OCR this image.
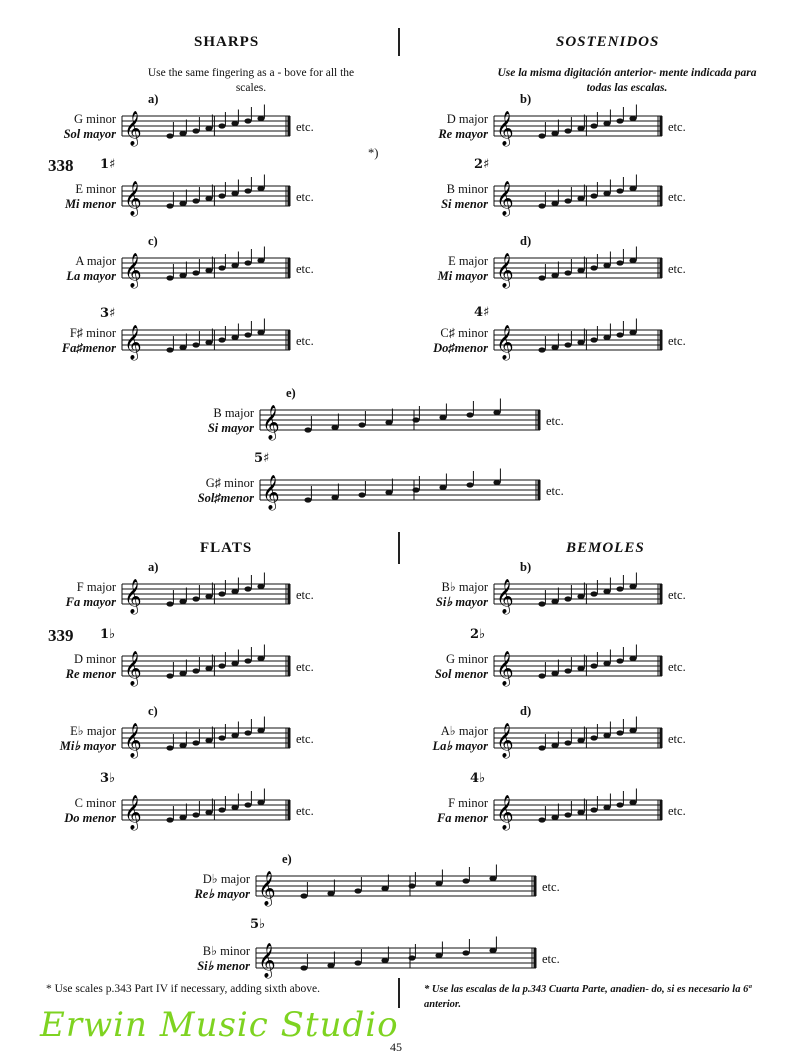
SHARPS	SOSTENIDOS
Use the same fingering as a - bove for all the scales.
Use la misma digitación anterior- mente indicada para todas las escalas.
FLATS	BEMOLES
338
339
*)
1♯	2♯
3♯	4♯
5♯
1♭	2♭
3♭	4♭
5♭
G minor
Sol mayor
a)
𝄞	etc.
E minor
Mi menor 𝄞	etc.
D major
Re mayor
b)
𝄞	etc.
B minor
Si menor 𝄞	etc.
A major
La mayor
c)
𝄞	etc.
F♯ minor
Fa♯menor 𝄞	etc.
E major
Mi mayor
d)
𝄞	etc.
C♯ minor
Do♯menor 𝄞	etc.
B major
Si mayor
e)
𝄞	etc.
G♯ minor
Sol♯menor 𝄞	etc.
F major
Fa mayor
a)
𝄞	etc.
D minor
Re menor 𝄞	etc.
B♭ major
Si♭ mayor
b)
𝄞	etc.
G minor
Sol menor 𝄞	etc.
E♭ major
Mi♭ mayor
c)
𝄞	etc.
C minor
Do menor 𝄞	etc.
A♭ major
La♭ mayor
d)
𝄞	etc.
F minor
Fa menor 𝄞	etc.
D♭ major
Re♭ mayor
e)
𝄞	etc.
B♭ minor
Si♭ menor 𝄞	etc.
* Use scales p.343 Part IV if necessary, adding sixth above.	* Use las escalas de la p.343 Cuarta Parte, anadien- do, si es necesario la 6ª anterior.
Erwin Music Studio
45
